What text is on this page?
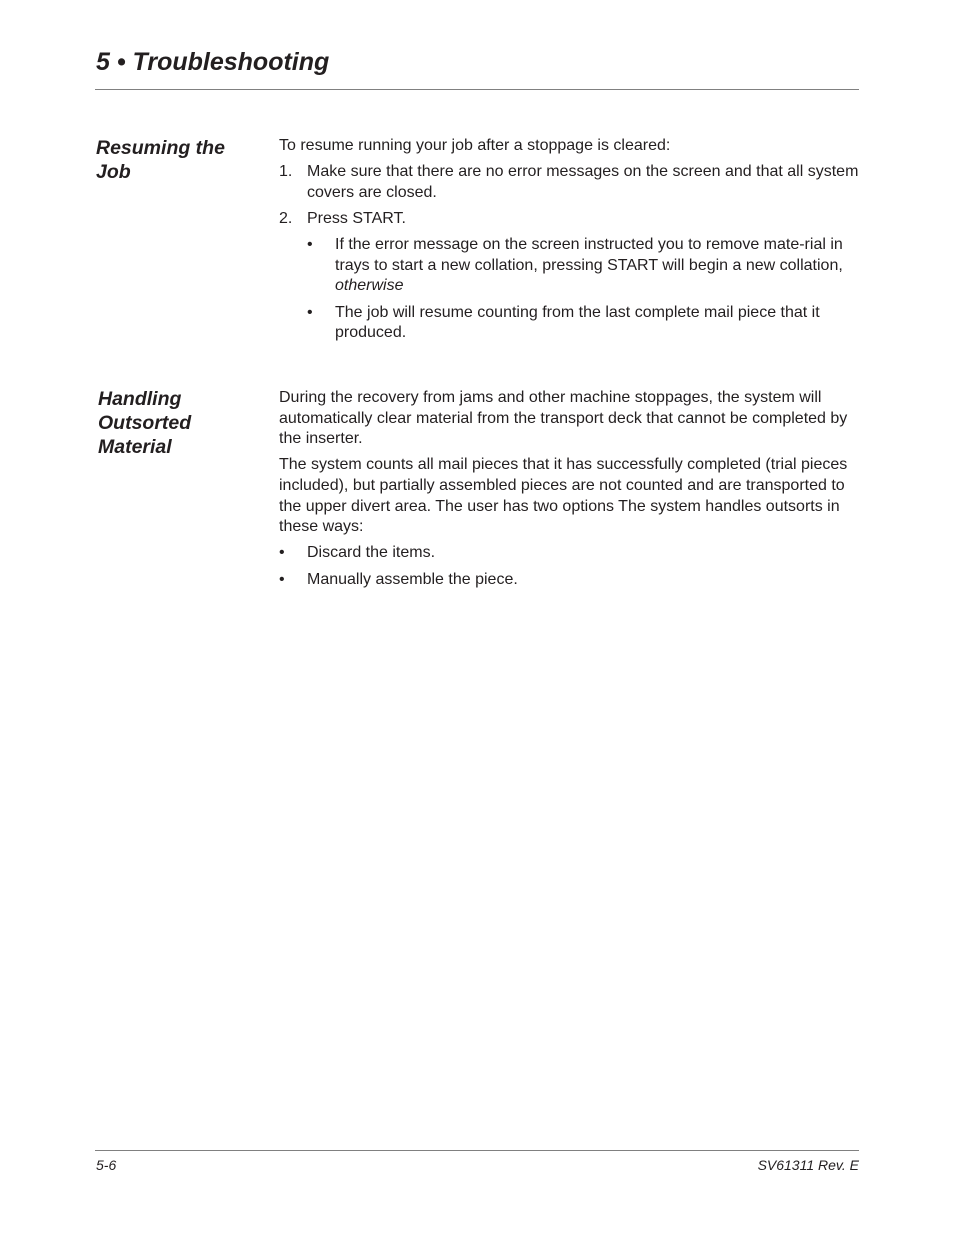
5 • Troubleshooting
Resuming the
Job

To resume running your job after a stoppage is cleared:

1. Make sure that there are no error messages on the screen and that all system covers are closed.
2. Press START.
• If the error message on the screen instructed you to remove mate-rial in trays to start a new collation, pressing START will begin a new collation, otherwise
• The job will resume counting from the last complete mail piece that it produced.
Handling
Outsorted
Material

During the recovery from jams and other machine stoppages, the system will automatically clear material from the transport deck that cannot be completed by the inserter.

The system counts all mail pieces that it has successfully completed (trial pieces included), but partially assembled pieces are not counted and are transported to the upper divert area. The user has two options The system handles outsorts in these ways:

• Discard the items.
• Manually assemble the piece.
5-6	SV61311 Rev. E
